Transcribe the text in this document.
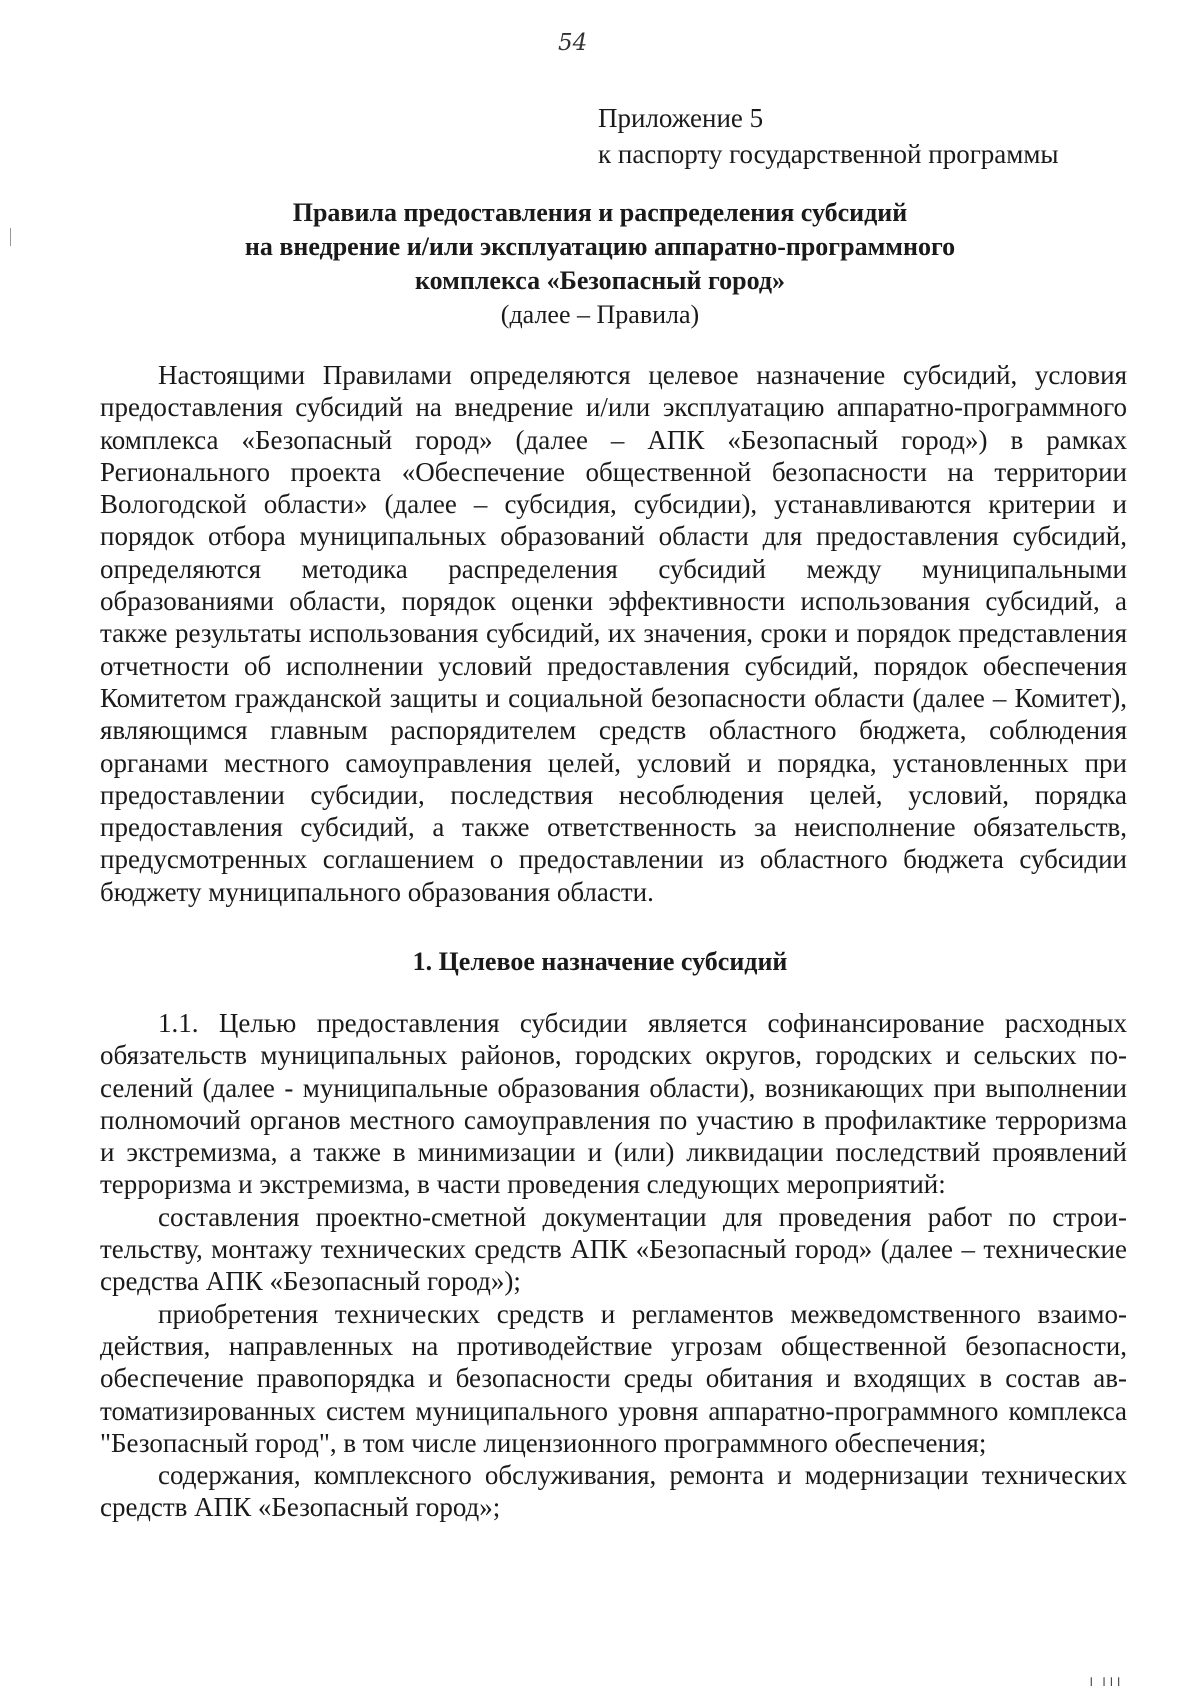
54
Приложение 5
к паспорту государственной программы
Правила предоставления и распределения субсидий
на внедрение и/или эксплуатацию аппаратно-программного
комплекса «Безопасный город»
(далее – Правила)

Настоящими Правилами определяются целевое назначение субсидий, условия предоставления субсидий на внедрение и/или эксплуатацию аппаратно-программного комплекса «Безопасный город» (далее – АПК «Безопасный город») в рамках Регионального проекта «Обеспечение общественной безопасности на территории Вологодской области» (далее – субсидия, субсидии), устанавливаются критерии и порядок отбора муниципальных образований области для предоставления субсидий, определяются методика распределения субсидий между муниципальными образованиями области, порядок оценки эффективности использования субсидий, а также результаты использования субсидий, их значения, сроки и порядок представления отчетности об исполнении условий предоставления субсидий, порядок обеспечения Комитетом гражданской защиты и социальной безопасности области (далее – Комитет), являющимся главным распорядителем средств областного бюджета, соблюдения органами местного самоуправления целей, условий и порядка, установленных при предоставлении субсидии, последствия несоблюдения целей, условий, порядка предоставления субсидий, а также ответственность за неисполнение обязательств, предусмотренных соглашением о предоставлении из областного бюджета субсидии бюджету муниципального образования области.

1. Целевое назначение субсидий

1.1. Целью предоставления субсидии является софинансирование расходных обязательств муниципальных районов, городских округов, городских и сельских поселений (далее - муниципальные образования области), возникающих при выполнении полномочий органов местного самоуправления по участию в профилактике терроризма и экстремизма, а также в минимизации и (или) ликвидации последствий проявлений терроризма и экстремизма, в части проведения следующих мероприятий:

составления проектно-сметной документации для проведения работ по строительству, монтажу технических средств АПК «Безопасный город» (далее – технические средства АПК «Безопасный город»);

приобретения технических средств и регламентов межведомственного взаимодействия, направленных на противодействие угрозам общественной безопасности, обеспечение правопорядка и безопасности среды обитания и входящих в состав автоматизированных систем муниципального уровня аппаратно-программного комплекса "Безопасный город", в том числе лицензионного программного обеспечения;

содержания, комплексного обслуживания, ремонта и модернизации технических средств АПК «Безопасный город»;

। ।।।
